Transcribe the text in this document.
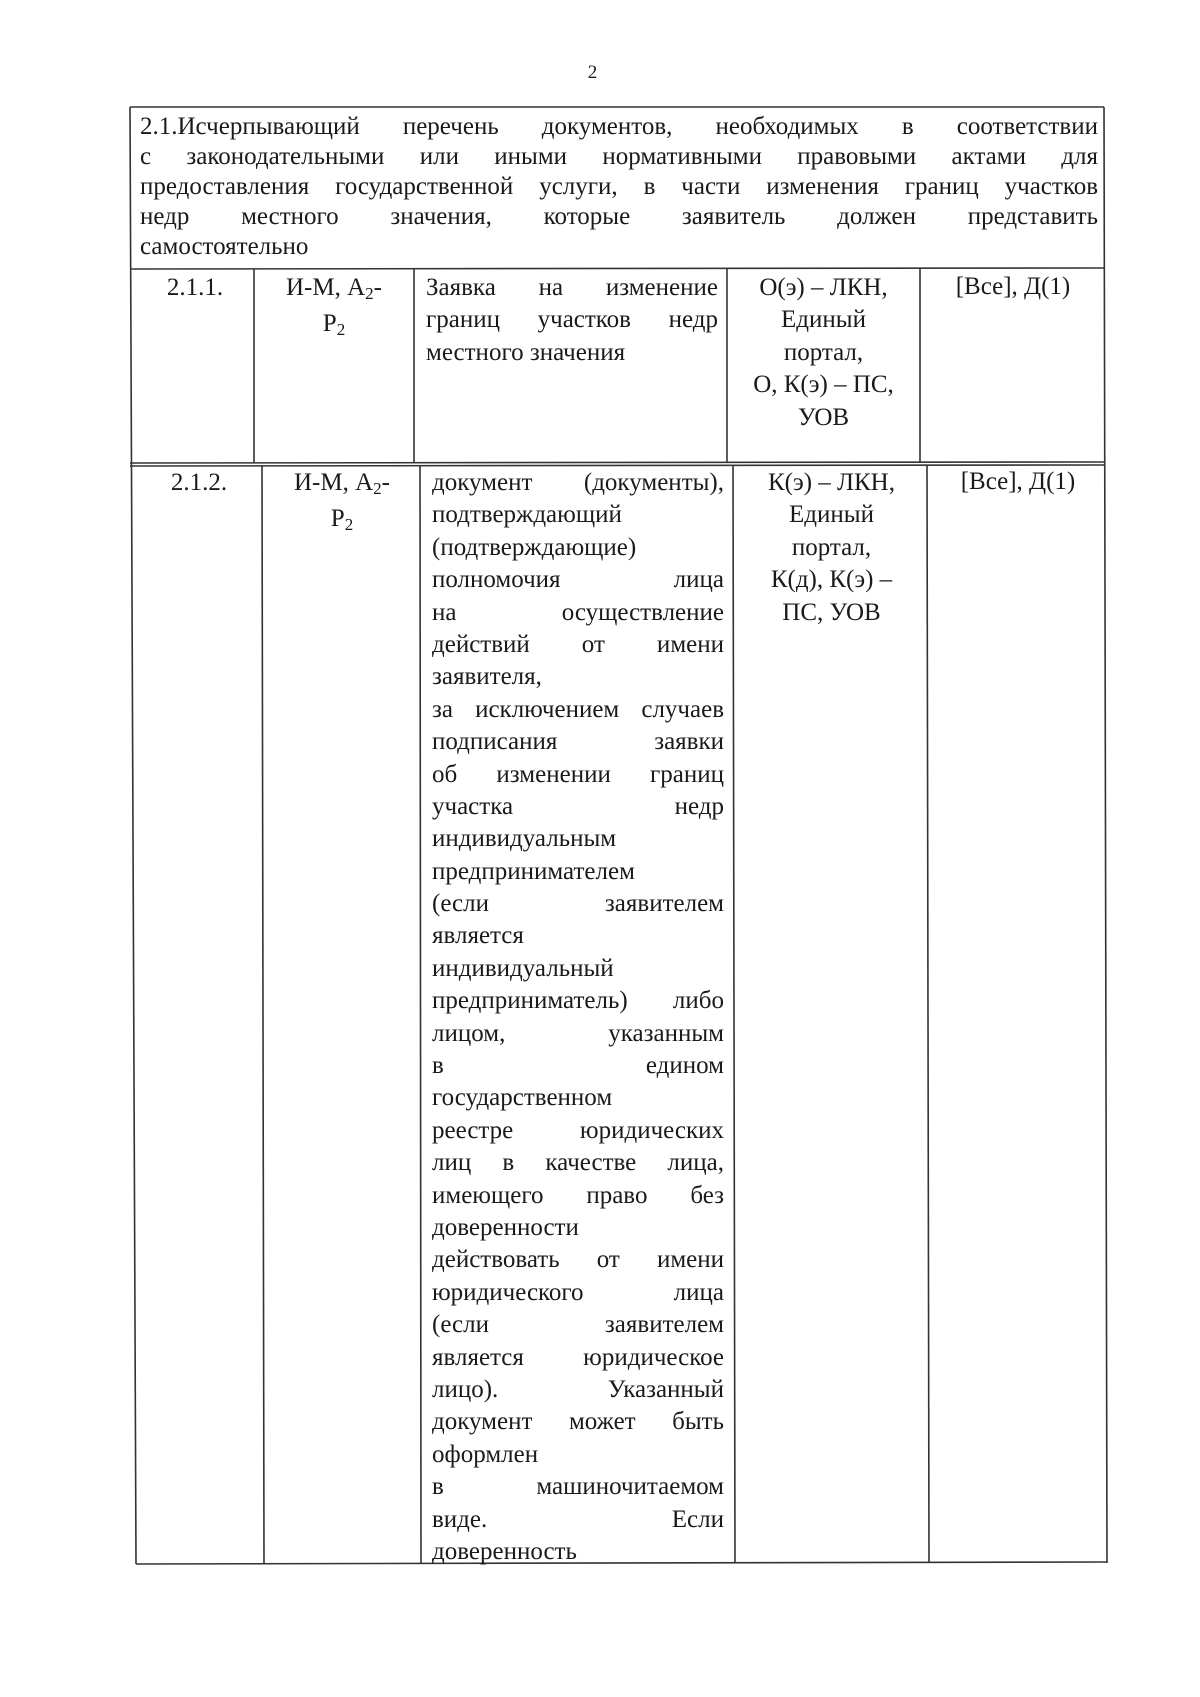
2
2.1.Исчерпывающий перечень документов, необходимых в соответствии
с законодательными или иными нормативными правовыми актами для
предоставления государственной услуги, в части изменения границ участков
недр местного значения, которые заявитель должен представить
самостоятельно
2.1.1.	И-М, $А_2-$
$Р_2$
Заявка на изменение
границ участков недр
местного значения
О(э) – ЛКН,
Единый
портал,
О, К(э) – ПС,
УОВ
[Все], Д(1)
2.1.2.	И-М, $А_2-$
$Р_2$
документ (документы),
подтверждающий
(подтверждающие)
полномочия лица
на осуществление
действий от имени
заявителя,
за исключением случаев
подписания заявки
об изменении границ
участка недр
индивидуальным
предпринимателем
(если заявителем
является
индивидуальный
предприниматель) либо
лицом, указанным
в едином
государственном
реестре юридических
лиц в качестве лица,
имеющего право без
доверенности
действовать от имени
юридического лица
(если заявителем
является юридическое
лицо). Указанный
документ может быть
оформлен
в машиночитаемом
виде. Если
доверенность
К(э) – ЛКН,
Единый
портал,
К(д), К(э) –
ПС, УОВ
[Все], Д(1)
